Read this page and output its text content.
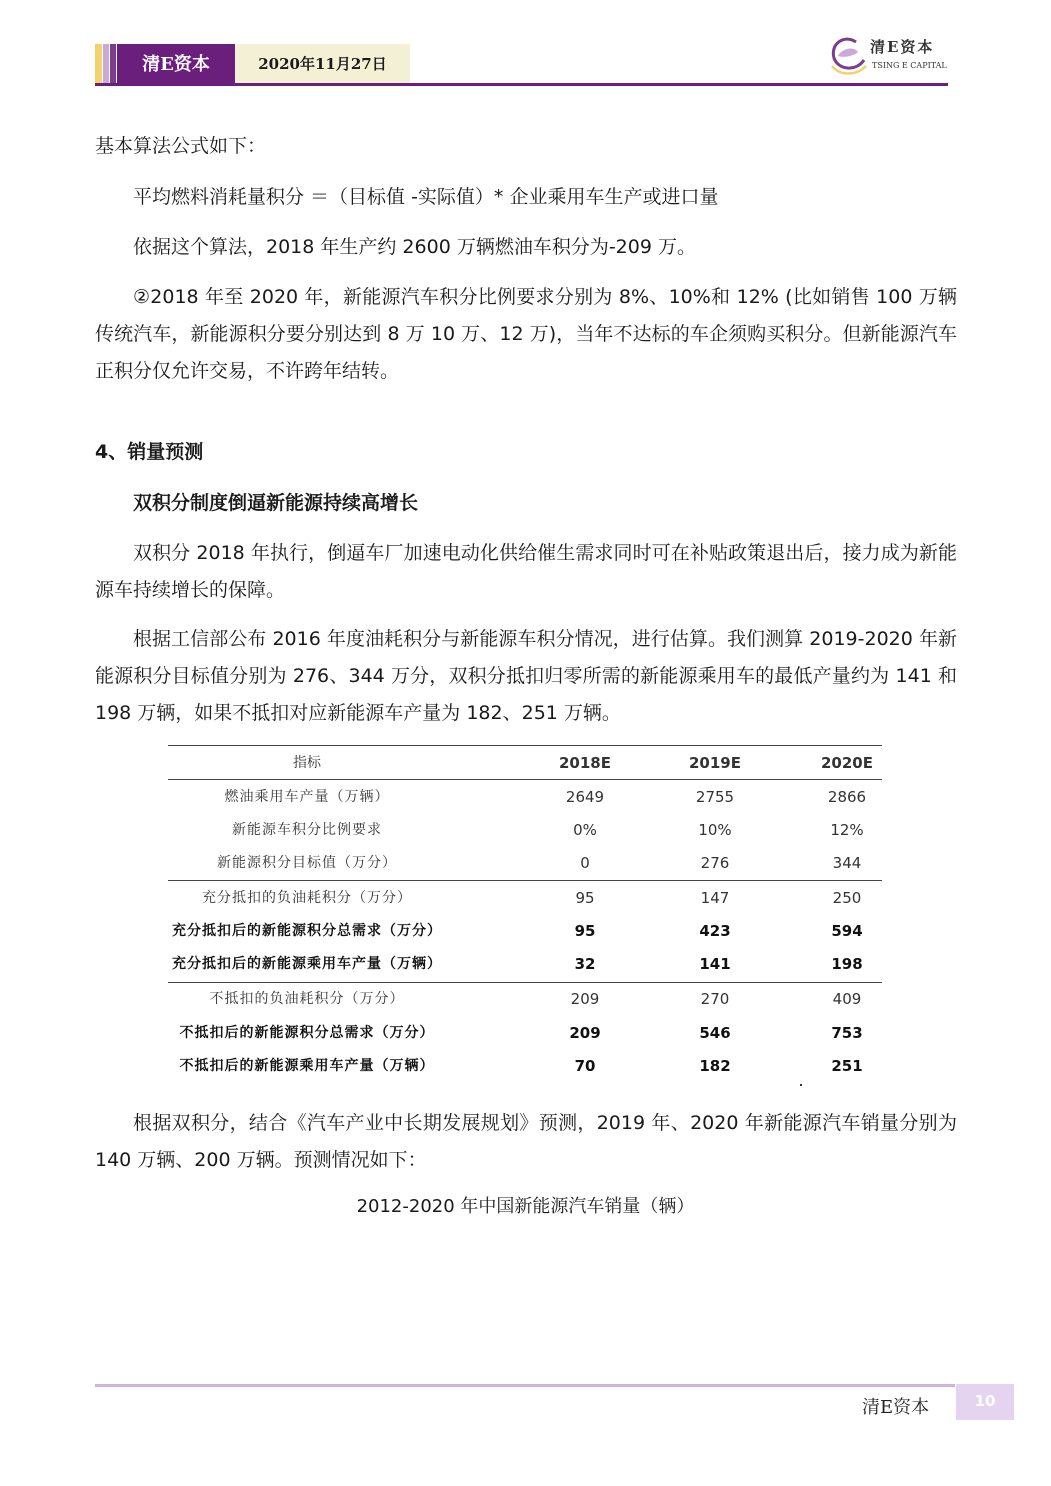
清E资本	2020年11月27日
清E资本
TSING E CAPITAL

基本算法公式如下：

平均燃料消耗量积分 ＝（目标值 -实际值）* 企业乘用车生产或进口量

依据这个算法，2018 年生产约 2600 万辆燃油车积分为-209 万。

②2018 年至 2020 年，新能源汽车积分比例要求分别为 8%、10%和 12% (比如销售 100 万辆传统汽车，新能源积分要分别达到 8 万 10 万、12 万)，当年不达标的车企须购买积分。但新能源汽车正积分仅允许交易，不许跨年结转。

4、销量预测

双积分制度倒逼新能源持续高增长

双积分 2018 年执行，倒逼车厂加速电动化供给催生需求同时可在补贴政策退出后，接力成为新能源车持续增长的保障。

根据工信部公布 2016 年度油耗积分与新能源车积分情况，进行估算。我们测算 2019-2020 年新能源积分目标值分别为 276、344 万分，双积分抵扣归零所需的新能源乘用车的最低产量约为 141 和 198 万辆，如果不抵扣对应新能源车产量为 182、251 万辆。

指标	2018E	2019E	2020E
燃油乘用车产量（万辆）	2649	2755	2866
新能源车积分比例要求	0%	10%	12%
新能源积分目标值（万分）	0	276	344
充分抵扣的负油耗积分（万分）	95	147	250
充分抵扣后的新能源积分总需求（万分）	95	423	594
充分抵扣后的新能源乘用车产量（万辆）	32	141	198
不抵扣的负油耗积分（万分）	209	270	409
不抵扣后的新能源积分总需求（万分）	209	546	753
不抵扣后的新能源乘用车产量（万辆）	70	182	251

根据双积分，结合《汽车产业中长期发展规划》预测，2019 年、2020 年新能源汽车销量分别为 140 万辆、200 万辆。预测情况如下：

2012-2020 年中国新能源汽车销量（辆）
清E资本	10
